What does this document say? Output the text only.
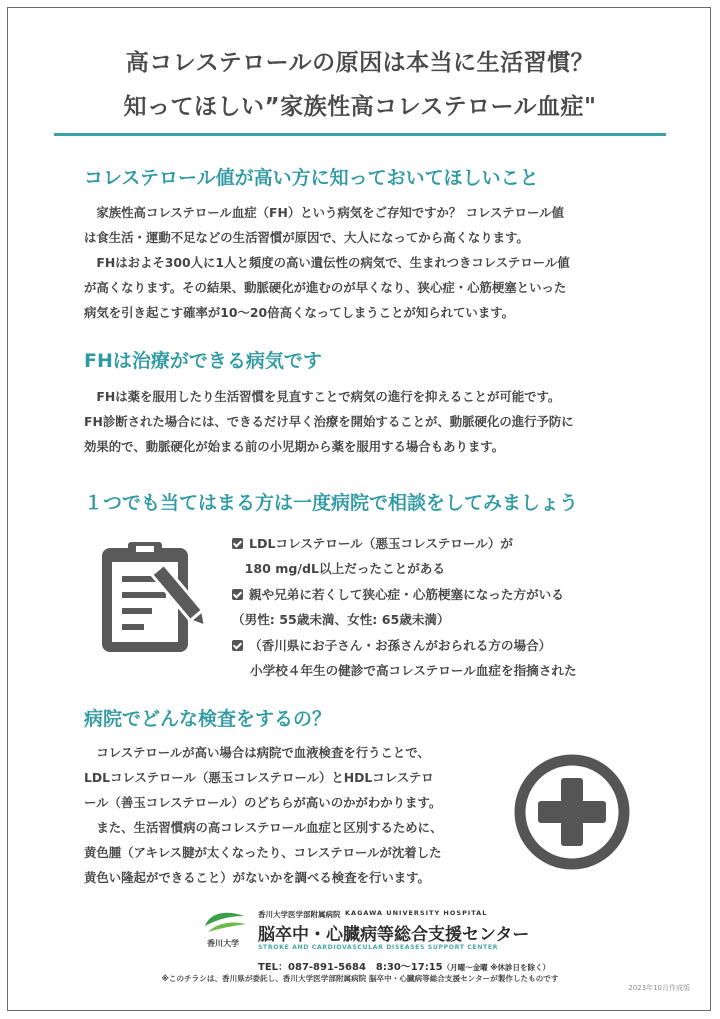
高コレステロールの原因は本当に生活習慣？
知ってほしい”家族性高コレステロール血症"
コレステロール値が高い方に知っておいてほしいこと
　家族性高コレステロール血症（FH）という病気をご存知ですか？ コレステロール値
は食生活・運動不足などの生活習慣が原因で、大人になってから高くなります。
　FHはおよそ300人に1人と頻度の高い遺伝性の病気で、生まれつきコレステロール値
が高くなります。その結果、動脈硬化が進むのが早くなり、狭心症・心筋梗塞といった
病気を引き起こす確率が10〜20倍高くなってしまうことが知られています。
FHは治療ができる病気です
　FHは薬を服用したり生活習慣を見直すことで病気の進行を抑えることが可能です。
FH診断された場合には、できるだけ早く治療を開始することが、動脈硬化の進行予防に
効果的で、動脈硬化が始まる前の小児期から薬を服用する場合もあります。
１つでも当てはまる方は一度病院で相談をしてみましょう
LDLコレステロール（悪玉コレステロール）が
　180 mg/dL以上だったことがある
親や兄弟に若くして狭心症・心筋梗塞になった方がいる
（男性: 55歳未満、女性: 65歳未満）
（香川県にお子さん・お孫さんがおられる方の場合）
小学校４年生の健診で高コレステロール血症を指摘された
病院でどんな検査をするの？
　コレステロールが高い場合は病院で血液検査を行うことで、
LDLコレステロール（悪玉コレステロール）とHDLコレステロ
ール（善玉コレステロール）のどちらが高いのかがわかります。
　また、生活習慣病の高コレステロール血症と区別するために、
黄色腫（アキレス腱が太くなったり、コレステロールが沈着した
黄色い隆起ができること）がないかを調べる検査を行います。
香川大学
香川大学医学部附属病院 KAGAWA UNIVERSITY HOSPITAL
脳卒中・心臓病等総合支援センター
STROKE AND CARDIOVASCULAR DISEASES SUPPORT CENTER
TEL：087-891-5684　8:30〜17:15（月曜〜金曜 ※休診日を除く）
※このチラシは、香川県が委託し、香川大学医学部附属病院 脳卒中・心臓病等総合支援センターが製作したものです
2023年10月作成版
